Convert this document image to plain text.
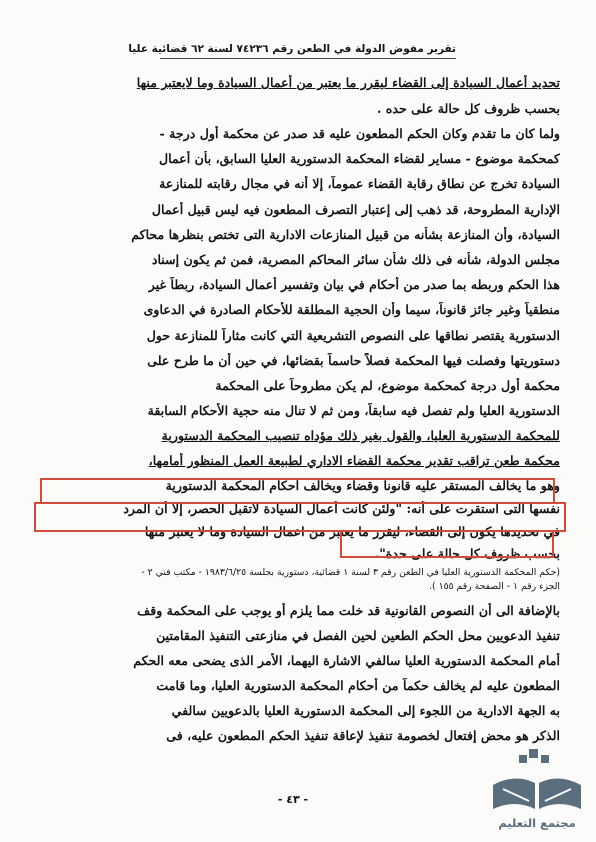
تقرير مفوض الدولة في الطعن رقم ٧٤٢٣٦ لسنة ٦٢ قضائية عليا
تحديد أعمال السيادة إلى القضاء ليقرر ما يعتبر من أعمال السيادة وما لايعتبر منها
بحسب ظروف كل حالة على حده .
ولما كان ما تقدم وكان الحكم المطعون عليه قد صدر عن محكمة أول درجة -
كمحكمة موضوع - مساير لقضاء المحكمة الدستورية العليا السابق، بأن أعمال
السيادة تخرج عن نطاق رقابة القضاء عموماً، إلا أنه في مجال رقابته للمنازعة
الإدارية المطروحة، قد ذهب إلى إعتبار التصرف المطعون فيه ليس قبيل أعمال
السيادة، وأن المنازعة بشأنه من قبيل المنازعات الادارية التى تختص بنظرها محاكم
مجلس الدولة، شأنه فى ذلك شأن سائر المحاكم المصرية، فمن ثم يكون إسناد
هذا الحكم وربطه بما صدر من أحكام في بيان وتفسير أعمال السيادة، ربطاً غير
منطقياً وغير جائز قانوناً، سيما وأن الحجية المطلقة للأحكام الصادرة في الدعاوى
الدستورية يقتصر نطاقها على النصوص التشريعية التي كانت مثاراً للمنازعة حول
دستوريتها وفصلت فيها المحكمة فصلاً حاسماً بقضائها، في حين أن ما طرح على
محكمة أول درجة كمحكمة موضوع، لم يكن مطروحاً على المحكمة
الدستورية العليا ولم تفصل فيه سابقاً، ومن ثم لا تنال منه حجية الأحكام السابقة
للمحكمة الدستورية العليا، والقول بغير ذلك مؤداه تنصيب المحكمة الدستورية
محكمة طعن تراقب تقدير محكمة القضاء الاداري لطبيعة العمل المنظور أمامها،
وهو ما يخالف المستقر عليه قانوناً وقضاء ويخالف أحكام المحكمة الدستورية
نفسها التى استقرت على أنه: "ولئن كانت أعمال السيادة لاتقبل الحصر، إلا أن المرد
في تحديدها يكون إلى القضاء، ليقرر ما يعتبر من اعمال السيادة وما لا يعتبر منها
بحسب ظروف كل حالة على حدة".
(حكم المحكمة الدستورية العليا في الطعن رقم ٣ لسنة ١ قضائية، دستورية بجلسة ١٩٨٣/٦/٢٥ - مكتب فني ٢ -
الجزء رقم ١ - الصفحة رقم ١٥٥ ).
بالإضافة الى أن النصوص القانونية قد خلت مما يلزم أو يوجب على المحكمة وقف
تنفيذ الدعويين محل الحكم الطعين لحين الفصل في منازعتى التنفيذ المقامتين
أمام المحكمة الدستورية العليا سالفي الاشارة اليهما، الأمر الذى يضحى معه الحكم
المطعون عليه لم يخالف حكماً من أحكام المحكمة الدستورية العليا، وما قامت
به الجهة الادارية من اللجوء إلى المحكمة الدستورية العليا بالدعويين سالفي
الذكر هو محض إفتعال لخصومة تنفيذ لإعاقة تنفيذ الحكم المطعون عليه، فى
- ٤٣ -
مجتمع التعليم
